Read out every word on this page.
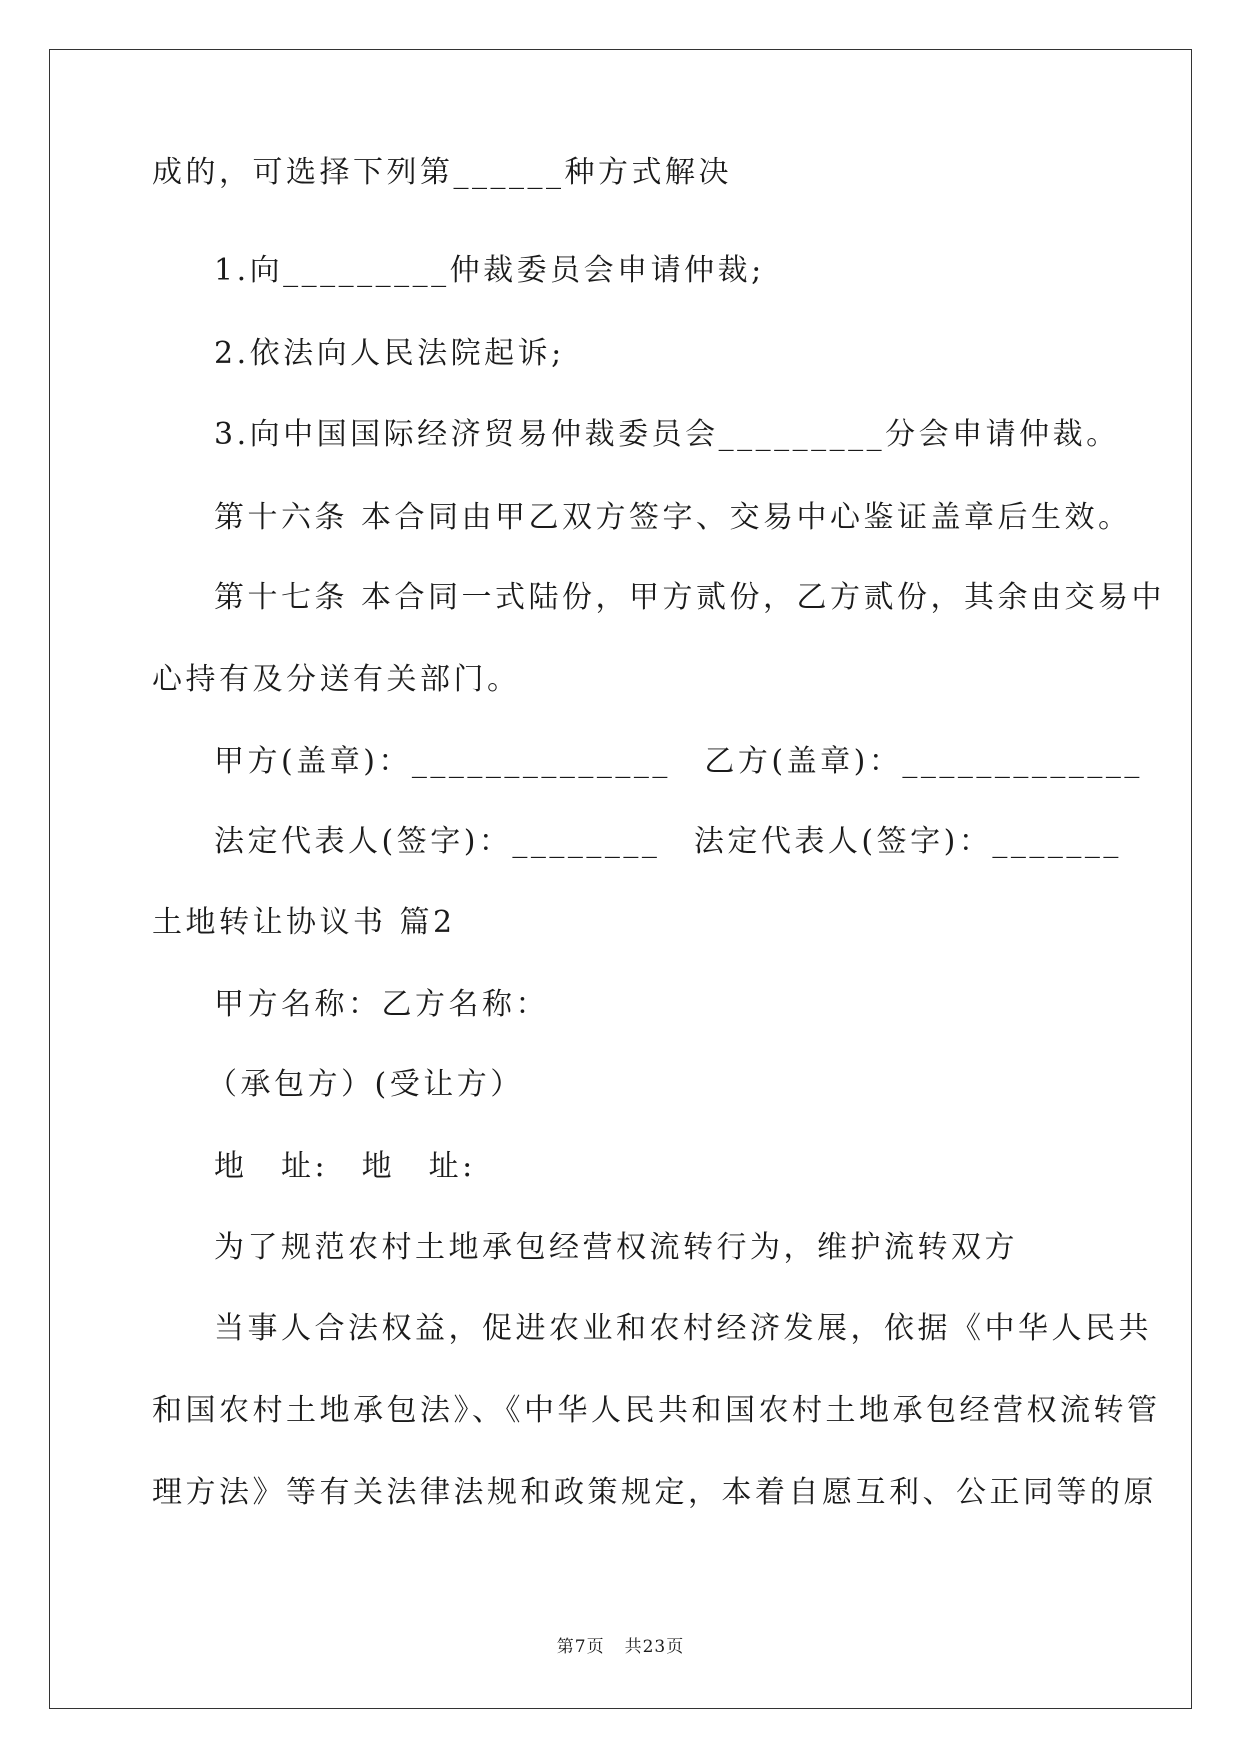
成的，可选择下列第______种方式解决
1.向_________仲裁委员会申请仲裁;
2.依法向人民法院起诉;
3.向中国国际经济贸易仲裁委员会_________分会申请仲裁。
第十六条 本合同由甲乙双方签字、交易中心鉴证盖章后生效。
第十七条 本合同一式陆份，甲方贰份，乙方贰份，其余由交易中
心持有及分送有关部门。
甲方(盖章)：______________　乙方(盖章)：_____________
法定代表人(签字)：________　法定代表人(签字)：_______
土地转让协议书 篇2
甲方名称：乙方名称：
（承包方）(受让方）
地　址:　地　址:
为了规范农村土地承包经营权流转行为，维护流转双方
当事人合法权益，促进农业和农村经济发展，依据《中华人民共
和国农村土地承包法》、《中华人民共和国农村土地承包经营权流转管
理方法》等有关法律法规和政策规定，本着自愿互利、公正同等的原
第7页 共23页
